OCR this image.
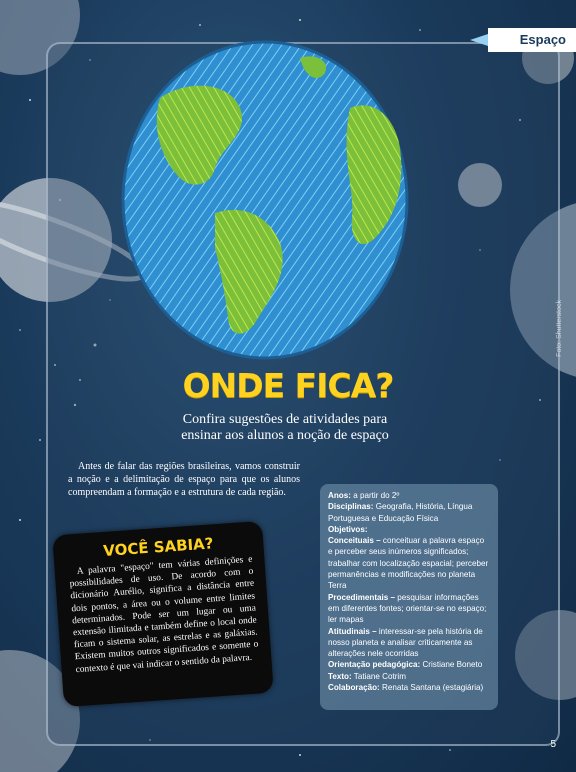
Espaço
Foto: Shutterstock
ONDE FICA?
Confira sugestões de atividades para ensinar aos alunos a noção de espaço
Antes de falar das regiões brasileiras, vamos construir a noção e a delimitação de espaço para que os alunos compreendam a formação e a estrutura de cada região.
VOCÊ SABIA?
A palavra "espaço" tem várias definições e possibilidades de uso. De acordo com o dicionário Aurélio, significa a distância entre dois pontos, a área ou o volume entre limites determinados. Pode ser um lugar ou uma extensão ilimitada e também define o local onde ficam o sistema solar, as estrelas e as galáxias. Existem muitos outros significados e somente o contexto é que vai indicar o sentido da palavra.
Anos: a partir do 2º
Disciplinas: Geografia, História, Língua Portuguesa e Educação Física
Objetivos:
Conceituais – conceituar a palavra espaço e perceber seus inúmeros significados; trabalhar com localização espacial; perceber permanências e modificações no planeta Terra
Procedimentais – pesquisar informações em diferentes fontes; orientar-se no espaço; ler mapas
Atitudinais – interessar-se pela história de nosso planeta e analisar criticamente as alterações nele ocorridas
Orientação pedagógica: Cristiane Boneto
Texto: Tatiane Cotrim
Colaboração: Renata Santana (estagiária)
5
